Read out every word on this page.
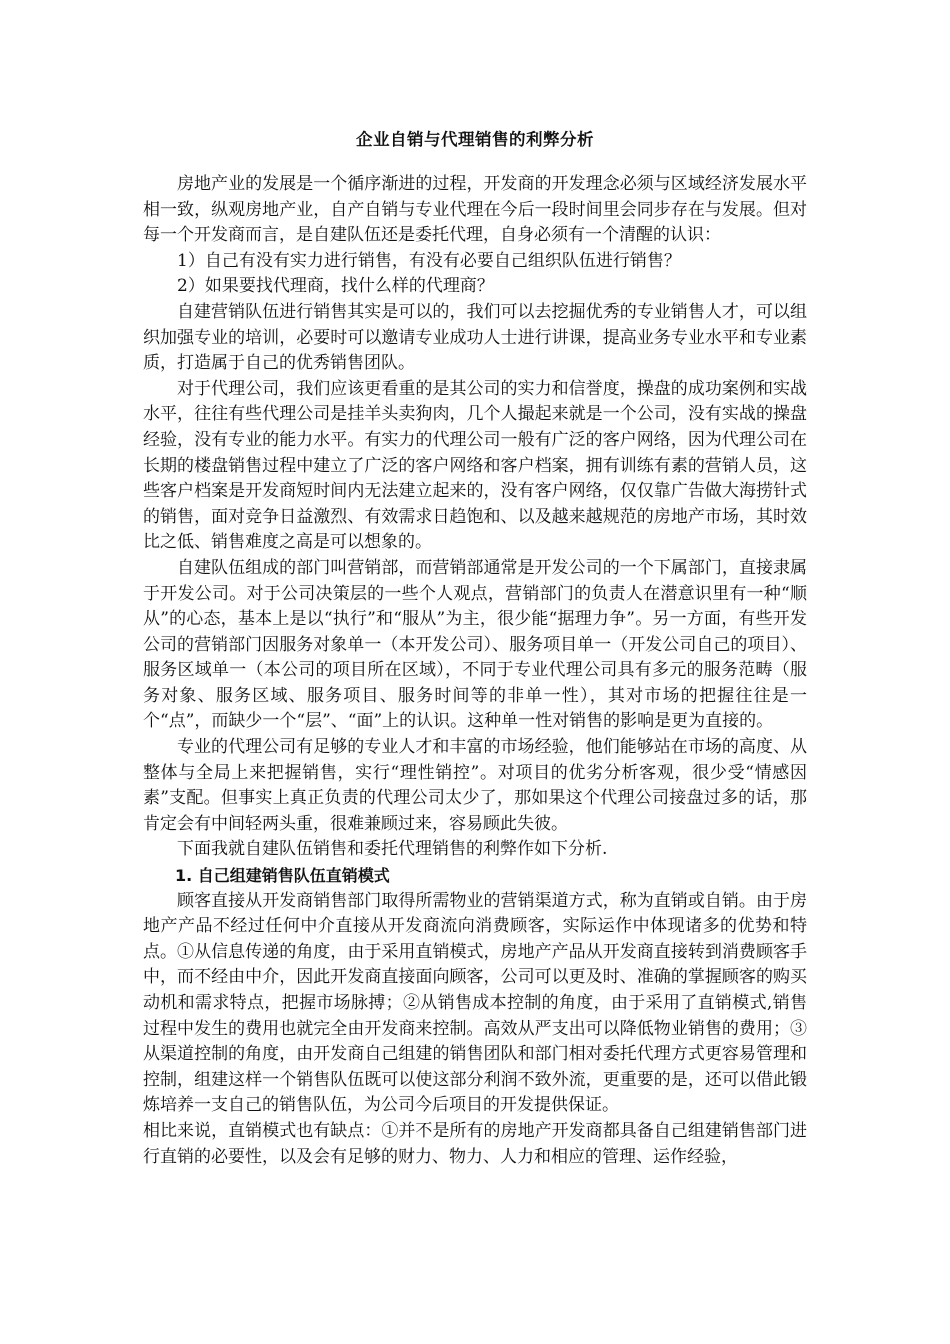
企业自销与代理销售的利弊分析

房地产业的发展是一个循序渐进的过程，开发商的开发理念必须与区域经济发展水平相一致，纵观房地产业，自产自销与专业代理在今后一段时间里会同步存在与发展。但对每一个开发商而言，是自建队伍还是委托代理，自身必须有一个清醒的认识：

1）自己有没有实力进行销售，有没有必要自己组织队伍进行销售？

2）如果要找代理商，找什么样的代理商？

自建营销队伍进行销售其实是可以的，我们可以去挖掘优秀的专业销售人才，可以组织加强专业的培训，必要时可以邀请专业成功人士进行讲课，提高业务专业水平和专业素质，打造属于自己的优秀销售团队。

对于代理公司，我们应该更看重的是其公司的实力和信誉度，操盘的成功案例和实战水平，往往有些代理公司是挂羊头卖狗肉，几个人撮起来就是一个公司，没有实战的操盘经验，没有专业的能力水平。有实力的代理公司一般有广泛的客户网络，因为代理公司在长期的楼盘销售过程中建立了广泛的客户网络和客户档案，拥有训练有素的营销人员，这些客户档案是开发商短时间内无法建立起来的，没有客户网络，仅仅靠广告做大海捞针式的销售，面对竞争日益激烈、有效需求日趋饱和、以及越来越规范的房地产市场，其时效比之低、销售难度之高是可以想象的。

自建队伍组成的部门叫营销部，而营销部通常是开发公司的一个下属部门，直接隶属于开发公司。对于公司决策层的一些个人观点，营销部门的负责人在潜意识里有一种“顺从”的心态，基本上是以“执行”和“服从”为主，很少能“据理力争”。另一方面，有些开发公司的营销部门因服务对象单一（本开发公司）、服务项目单一（开发公司自己的项目）、服务区域单一（本公司的项目所在区域），不同于专业代理公司具有多元的服务范畴（服务对象、服务区域、服务项目、服务时间等的非单一性），其对市场的把握往往是一个“点”，而缺少一个“层”、“面”上的认识。这种单一性对销售的影响是更为直接的。

专业的代理公司有足够的专业人才和丰富的市场经验，他们能够站在市场的高度、从整体与全局上来把握销售，实行“理性销控”。对项目的优劣分析客观，很少受“情感因素”支配。但事实上真正负责的代理公司太少了，那如果这个代理公司接盘过多的话，那肯定会有中间轻两头重，很难兼顾过来，容易顾此失彼。

下面我就自建队伍销售和委托代理销售的利弊作如下分析.

1. 自己组建销售队伍直销模式

顾客直接从开发商销售部门取得所需物业的营销渠道方式，称为直销或自销。由于房地产产品不经过任何中介直接从开发商流向消费顾客，实际运作中体现诸多的优势和特点。①从信息传递的角度，由于采用直销模式，房地产产品从开发商直接转到消费顾客手中，而不经由中介，因此开发商直接面向顾客，公司可以更及时、准确的掌握顾客的购买动机和需求特点，把握市场脉搏；②从销售成本控制的角度，由于采用了直销模式,销售过程中发生的费用也就完全由开发商来控制。高效从严支出可以降低物业销售的费用；③从渠道控制的角度，由开发商自己组建的销售团队和部门相对委托代理方式更容易管理和控制，组建这样一个销售队伍既可以使这部分利润不致外流，更重要的是，还可以借此锻炼培养一支自己的销售队伍，为公司今后项目的开发提供保证。

相比来说，直销模式也有缺点：①并不是所有的房地产开发商都具备自己组建销售部门进行直销的必要性，以及会有足够的财力、物力、人力和相应的管理、运作经验，
